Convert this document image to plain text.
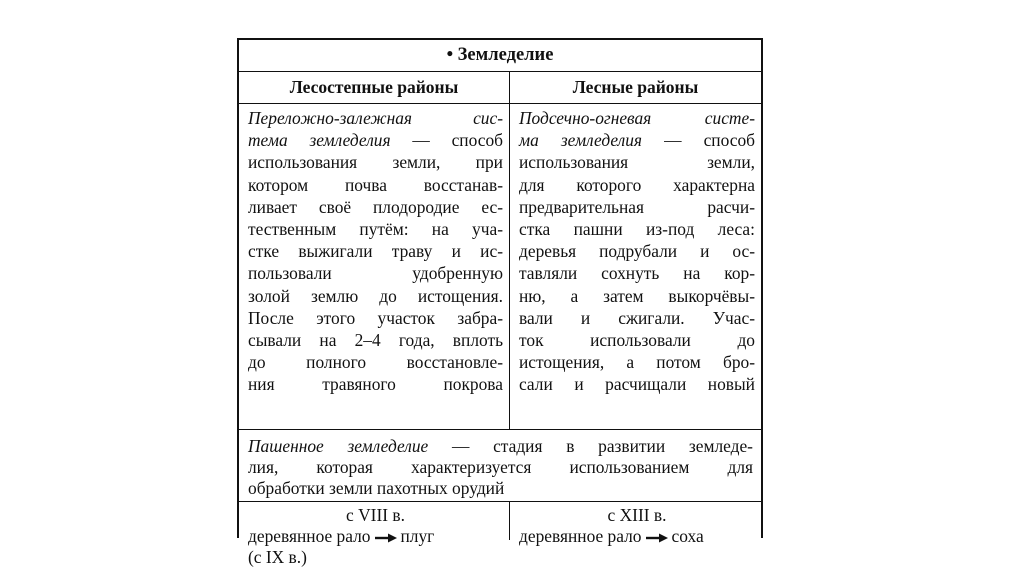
• Земледелие
Лесостепные районы	Лесные районы
Переложно-залежная сис-
тема земледелия — способ
использования земли, при
котором почва восстанав-
ливает своё плодородие ес-
тественным путём: на уча-
стке выжигали траву и ис-
пользовали удобренную
золой землю до истощения.
После этого участок забра-
сывали на 2–4 года, вплоть
до полного восстановле-
ния травяного покрова
Подсечно-огневая систе-
ма земледелия — способ
использования земли,
для которого характерна
предварительная расчи-
стка пашни из-под леса:
деревья подрубали и ос-
тавляли сохнуть на кор-
ню, а затем выкорчёвы-
вали и сжигали. Учас-
ток использовали до
истощения, а потом бро-
сали и расчищали новый
Пашенное земледелие — стадия в развитии земледе-
лия, которая характеризуется использованием для
обработки земли пахотных орудий
с VIII в.
деревянное рало плуг
(с IX в.)
с XIII в.
деревянное рало соха
